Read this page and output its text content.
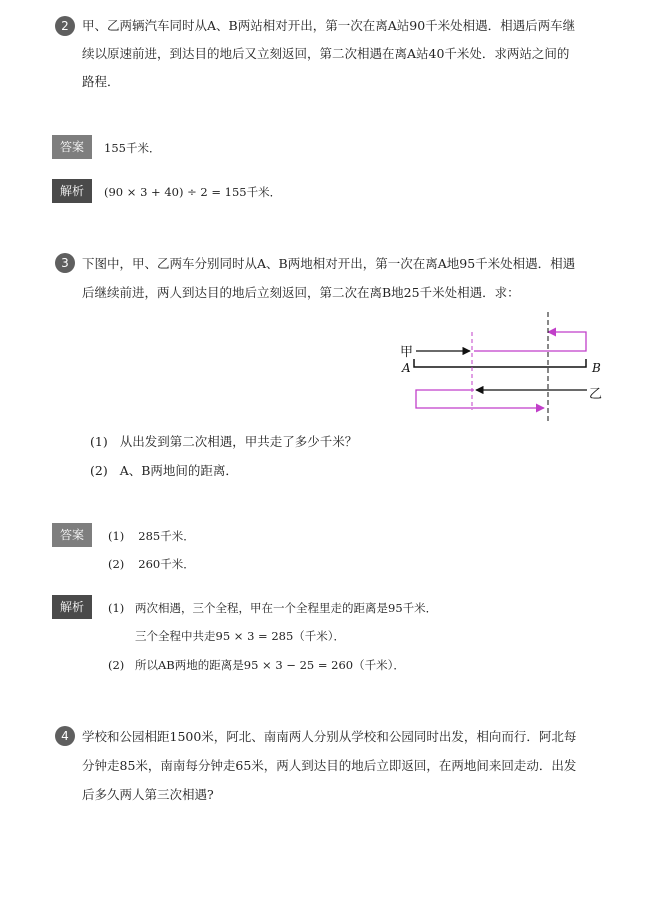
2	甲、乙两辆汽车同时从A、B两站相对开出，第一次在离A站90千米处相遇．相遇后两车继
续以原速前进，到达目的地后又立刻返回，第二次相遇在离A站40千米处．求两站之间的
路程．
答案	155千米．
解析	(90 × 3 + 40) ÷ 2 = 155千米．
3	下图中，甲、乙两车分别同时从A、B两地相对开出，第一次在离A地95千米处相遇．相遇
后继续前进，两人到达目的地后立刻返回，第二次在离B地25千米处相遇．求：
甲
A	B
乙
(1) 从出发到第二次相遇，甲共走了多少千米？
(2) A、B两地间的距离．
答案	(1) 285千米．
(2) 260千米．
解析	(1) 两次相遇，三个全程，甲在一个全程里走的距离是95千米．
三个全程中共走95 × 3 = 285（千米）．
(2) 所以AB两地的距离是95 × 3 − 25 = 260（千米）．
4	学校和公园相距1500米，阿北、南南两人分别从学校和公园同时出发，相向而行．阿北每
分钟走85米，南南每分钟走65米，两人到达目的地后立即返回，在两地间来回走动．出发
后多久两人第三次相遇?
